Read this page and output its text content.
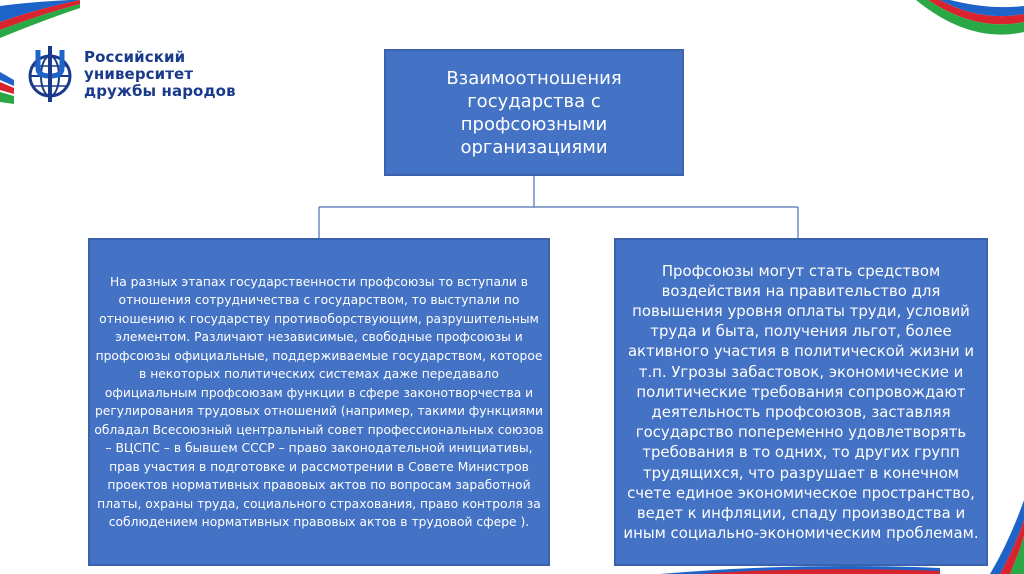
Российский университет
дружбы народов
Взаимоотношения государства с профсоюзными организациями
На разных этапах государственности профсоюзы то вступали в отношения сотрудничества с государством, то выступали по отношению к государству противоборствующим, разрушительным элементом. Различают независимые, свободные профсоюзы и профсоюзы официальные, поддерживаемые государством, которое в некоторых политических системах даже передавало официальным профсоюзам функции в сфере законотворчества и регулирования трудовых отношений (например, такими функциями обладал Всесоюзный центральный совет профессиональных союзов – ВЦСПС – в бывшем СССР – право законодательной инициативы, прав участия в подготовке и рассмотрении в Совете Министров проектов нормативных правовых актов по вопросам заработной платы, охраны труда, социального страхования, право контроля за соблюдением нормативных правовых актов в трудовой сфере ).
Профсоюзы могут стать средством воздействия на правительство для повышения уровня оплаты труди, условий труда и быта, получения льгот, более активного участия в политической жизни и т.п. Угрозы забастовок, экономические и политические требования сопровождают деятельность профсоюзов, заставляя государство попеременно удовлетворять требования в то одних, то других групп трудящихся, что разрушает в конечном счете единое экономическое пространство, ведет к инфляции, спаду производства и иным социально-экономическим проблемам.
